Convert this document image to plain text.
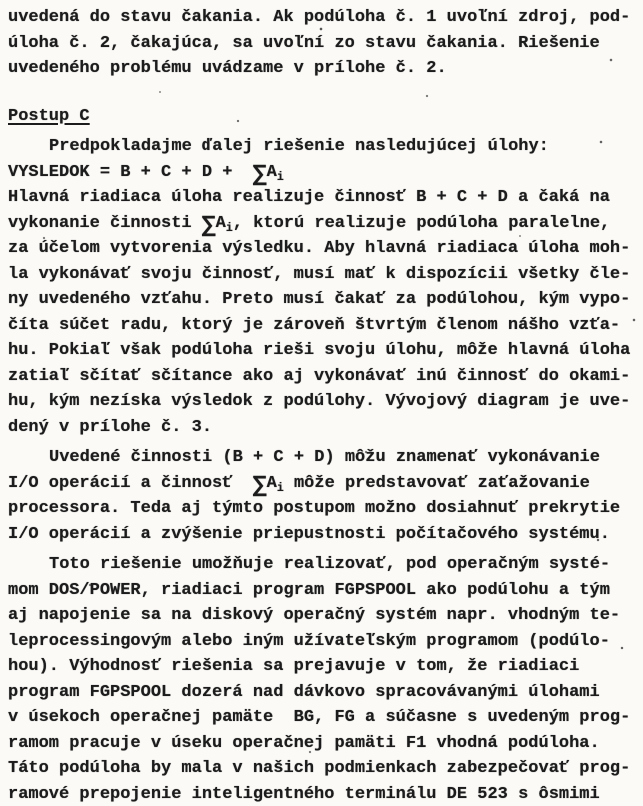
uvedená do stavu čakania. Ak podúloha č. 1 uvoľní zdroj, pod-
úloha č. 2, čakajúca, sa uvoľní zo stavu čakania. Riešenie
uvedeného problému uvádzame v prílohe č. 2.
Postup C
Predpokladajme ďalej riešenie nasledujúcej úlohy:
VYSLEDOK = $B + C + D + \sum A_i$
Hlavná riadiaca úloha realizuje činnosť B + C + D a čaká na
vykonanie činnosti $\sum A_i$, ktorú realizuje podúloha paralelne,
za účelom vytvorenia výsledku. Aby hlavná riadiaca úloha moh-
la vykonávať svoju činnosť, musí mať k dispozícii všetky čle-
ny uvedeného vzťahu. Preto musí čakať za podúlohou, kým vypo-
číta súčet radu, ktorý je zároveň štvrtým členom nášho vzťa-
hu. Pokiaľ však podúloha rieši svoju úlohu, môže hlavná úloha
zatiaľ sčítať sčítance ako aj vykonávať inú činnosť do okami-
hu, kým nezíska výsledok z podúlohy. Vývojový diagram je uve-
dený v prílohe č. 3.
Uvedené činnosti (B + C + D) môžu znamenať vykonávanie
I/O operácií a činnosť  $\sum A_i$ môže predstavovať zaťažovanie
processora. Teda aj týmto postupom možno dosiahnuť prekrytie
I/O operácií a zvýšenie priepustnosti počítačového systému.
Toto riešenie umožňuje realizovať, pod operačným systé-
mom DOS/POWER, riadiaci program FGPSPOOL ako podúlohu a tým
aj napojenie sa na diskový operačný systém napr. vhodným te-
leprocessingovým alebo iným užívateľským programom (podúlo-
hou). Výhodnosť riešenia sa prejavuje v tom, že riadiaci
program FGPSPOOL dozerá nad dávkovo spracovávanými úlohami
v úsekoch operačnej pamäte  BG, FG a súčasne s uvedeným prog-
ramom pracuje v úseku operačnej pamäti F1 vhodná podúloha.
Táto podúloha by mala v našich podmienkach zabezpečovať prog-
ramové prepojenie inteligentného terminálu DE 523 s ôsmimi
